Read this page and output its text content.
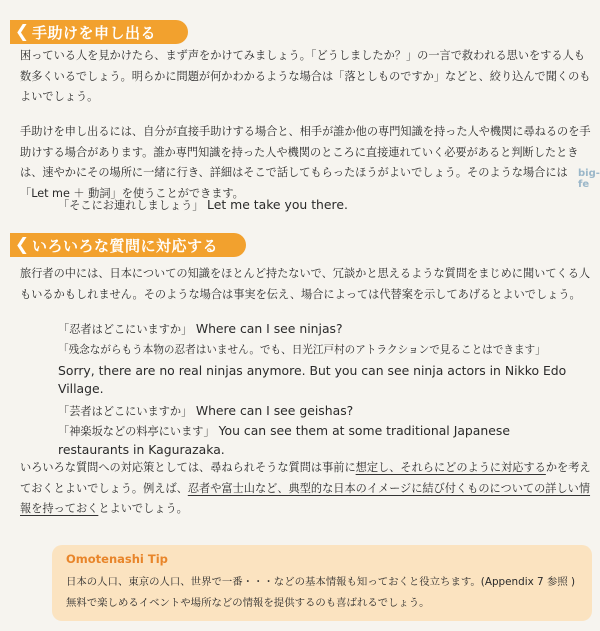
❮ 手助けを申し出る

困っている人を見かけたら、まず声をかけてみましょう。「どうしましたか？」の一言で救われる思いをする人も数多くいるでしょう。明らかに問題が何かわかるような場合は「落としものですか」などと、絞り込んで聞くのもよいでしょう。

手助けを申し出るには、自分が直接手助けする場合と、相手が誰か他の専門知識を持った人や機関に尋ねるのを手助けする場合があります。誰か専門知識を持った人や機関のところに直接連れていく必要があると判断したときは、速やかにその場所に一緒に行き、詳細はそこで話してもらったほうがよいでしょう。そのような場合には「Let me ＋ 動詞」を使うことができます。

「そこにお連れしましょう」 Let me take you there.
big-fe
❮ いろいろな質問に対応する

旅行者の中には、日本についての知識をほとんど持たないで、冗談かと思えるような質問をまじめに聞いてくる人もいるかもしれません。そのような場合は事実を伝え、場合によっては代替案を示してあげるとよいでしょう。

「忍者はどこにいますか」 Where can I see ninjas?
「残念ながらもう本物の忍者はいません。でも、日光江戸村のアトラクションで見ることはできます」
Sorry, there are no real ninjas anymore. But you can see ninja actors in Nikko Edo Village.
「芸者はどこにいますか」 Where can I see geishas?
「神楽坂などの料亭にいます」 You can see them at some traditional Japanese restaurants in Kagurazaka.

いろいろな質問への対応策としては、尋ねられそうな質問は事前に想定し、それらにどのように対応するかを考えておくとよいでしょう。例えば、忍者や富士山など、典型的な日本のイメージに結び付くものについての詳しい情報を持っておくとよいでしょう。

Omotenashi Tip
日本の人口、東京の人口、世界で一番・・・などの基本情報も知っておくと役立ちます。(Appendix 7 参照 )
無料で楽しめるイベントや場所などの情報を提供するのも喜ばれるでしょう。
